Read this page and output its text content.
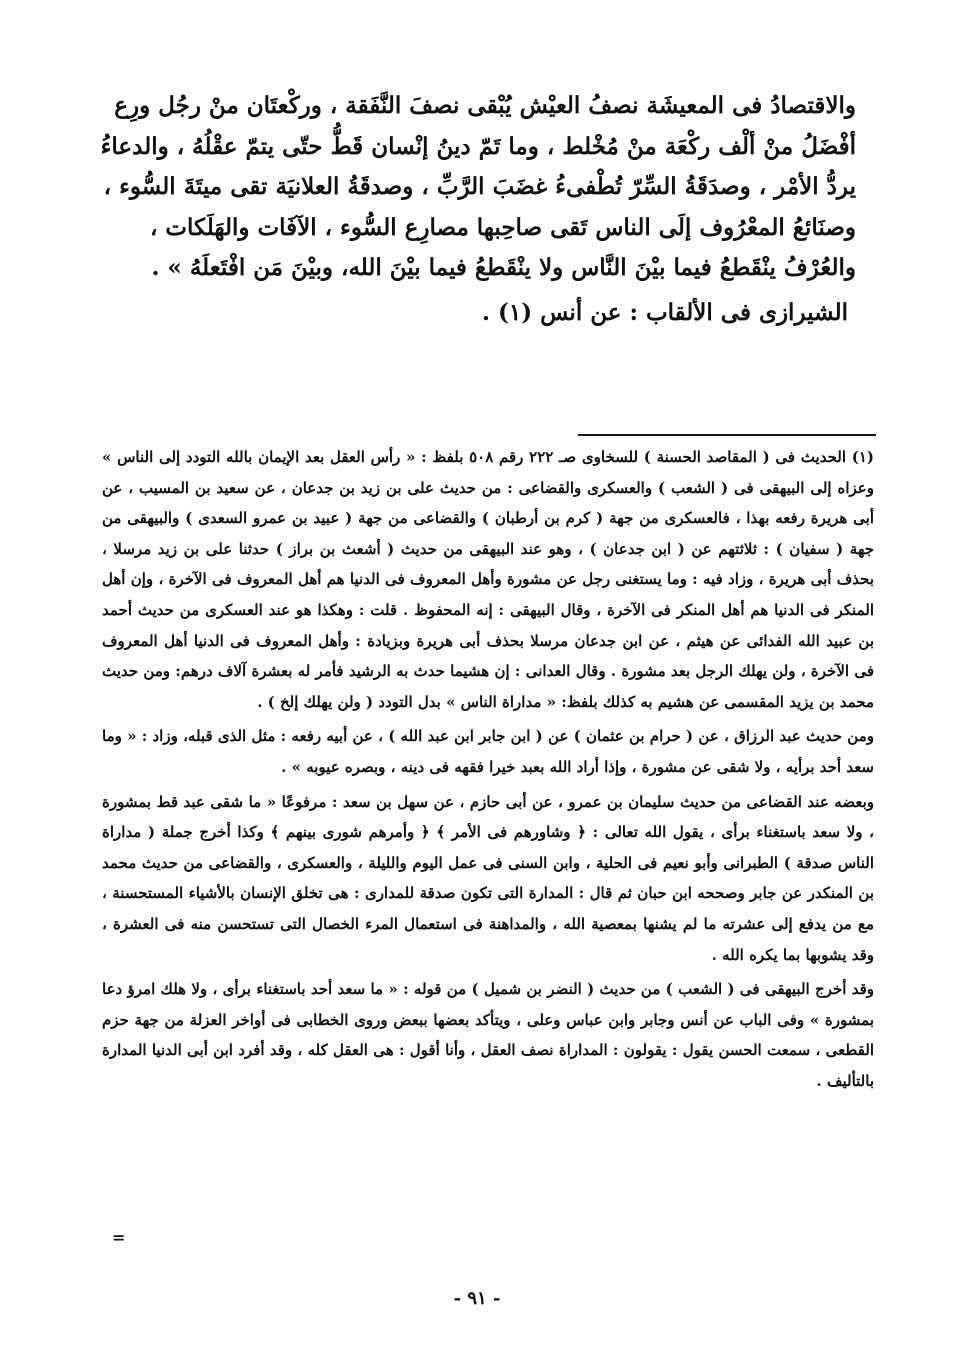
والاقتصادُ فى المعيشَة نصفُ العيْش يُبْقى نصفَ النَّفَقة ، وركْعتَان منْ رجُل ورِع أفْضَلُ منْ ألْف ركْعَة منْ مُخْلط ، وما تَمّ دينُ إنْسان قَطُّ حتّى يتمّ عقْلُهُ ، والدعاءُ يردُّ الأمْر ، وصدَقَةُ السِّرّ تُطْفىءُ غضَبَ الرَّبِّ ، وصدقَةُ العلانيَة تقى ميتَةَ السُّوء ، وصنَائعُ المعْرُوف إلَى الناس تَقى صاحِبها مصارِع السُّوء ، الآفَات والهَلَكات ، والعُرْفُ ينْقَطعُ فيما بيْنَ النَّاس ولا ينْقَطعُ فيما بيْنَ الله، وبيْنَ مَن افْتَعلَهُ » .

الشيرازى فى الألقاب : عن أنس (١) .

(١) الحديث فى ( المقاصد الحسنة ) للسخاوى صـ ٢٢٢ رقم ٥٠٨ بلفظ : « رأس العقل بعد الإيمان بالله التودد إلى الناس » وعزاه إلى البيهقى فى ( الشعب ) والعسكرى والقضاعى : من حديث على بن زيد بن جدعان ، عن سعيد بن المسيب ، عن أبى هريرة رفعه بهذا ، فالعسكرى من جهة ( كرم بن أرطبان ) والقضاعى من جهة ( عبيد بن عمرو السعدى ) والبيهقى من جهة ( سفيان ) : ثلاثتهم عن ( ابن جدعان ) ، وهو عند البيهقى من حديث ( أشعث بن براز ) حدثنا على بن زيد مرسلا ، بحذف أبى هريرة ، وزاد فيه : وما يستغنى رجل عن مشورة وأهل المعروف فى الدنيا هم أهل المعروف فى الآخرة ، وإن أهل المنكر فى الدنيا هم أهل المنكر فى الآخرة ، وقال البيهقى : إنه المحفوظ . قلت : وهكذا هو عند العسكرى من حديث أحمد بن عبيد الله الفدائى عن هيثم ، عن ابن جدعان مرسلا بحذف أبى هريرة وبزيادة : وأهل المعروف فى الدنيا أهل المعروف فى الآخرة ، ولن يهلك الرجل بعد مشورة . وقال العدانى : إن هشيما حدث به الرشيد فأمر له بعشرة آلاف درهم: ومن حديث محمد بن يزيد المقسمى عن هشيم به كذلك بلفظ: « مداراة الناس » بدل التودد ( ولن يهلك إلخ ) .

ومن حديث عبد الرزاق ، عن ( حرام بن عثمان ) عن ( ابن جابر ابن عبد الله ) ، عن أبيه رفعه : مثل الذى قبله، وزاد : « وما سعد أحد برأيه ، ولا شقى عن مشورة ، وإذا أراد الله بعبد خيرا فقهه فى دينه ، وبصره عيوبه » .

وبعضه عند القضاعى من حديث سليمان بن عمرو ، عن أبى حازم ، عن سهل بن سعد : مرفوعًا « ما شقى عبد قط بمشورة ، ولا سعد باستغناء برأى ، يقول الله تعالى : ﴿ وشاورهم فى الأمر ﴾ ﴿ وأمرهم شورى بينهم ﴾ وكذا أخرج جملة ( مداراة الناس صدقة ) الطبرانى وأبو نعيم فى الحلية ، وابن السنى فى عمل اليوم والليلة ، والعسكرى ، والقضاعى من حديث محمد بن المنكدر عن جابر وصححه ابن حبان ثم قال : المدارة التى تكون صدقة للمدارى : هى تخلق الإنسان بالأشياء المستحسنة ، مع من يدفع إلى عشرته ما لم يشنها بمعصية الله ، والمداهنة فى استعمال المرء الخصال التى تستحسن منه فى العشرة ، وقد يشوبها بما يكره الله .

وقد أخرج البيهقى فى ( الشعب ) من حديث ( النضر بن شميل ) من قوله : « ما سعد أحد باستغناء برأى ، ولا هلك امرؤ دعا بمشورة » وفى الباب عن أنس وجابر وابن عباس وعلى ، ويتأكد بعضها ببعض وروى الخطابى فى أواخر العزلة من جهة حزم القطعى ، سمعت الحسن يقول : يقولون : المداراة نصف العقل ، وأنا أقول : هى العقل كله ، وقد أفرد ابن أبى الدنيا المدارة بالتأليف .

=
- ٩١ -
